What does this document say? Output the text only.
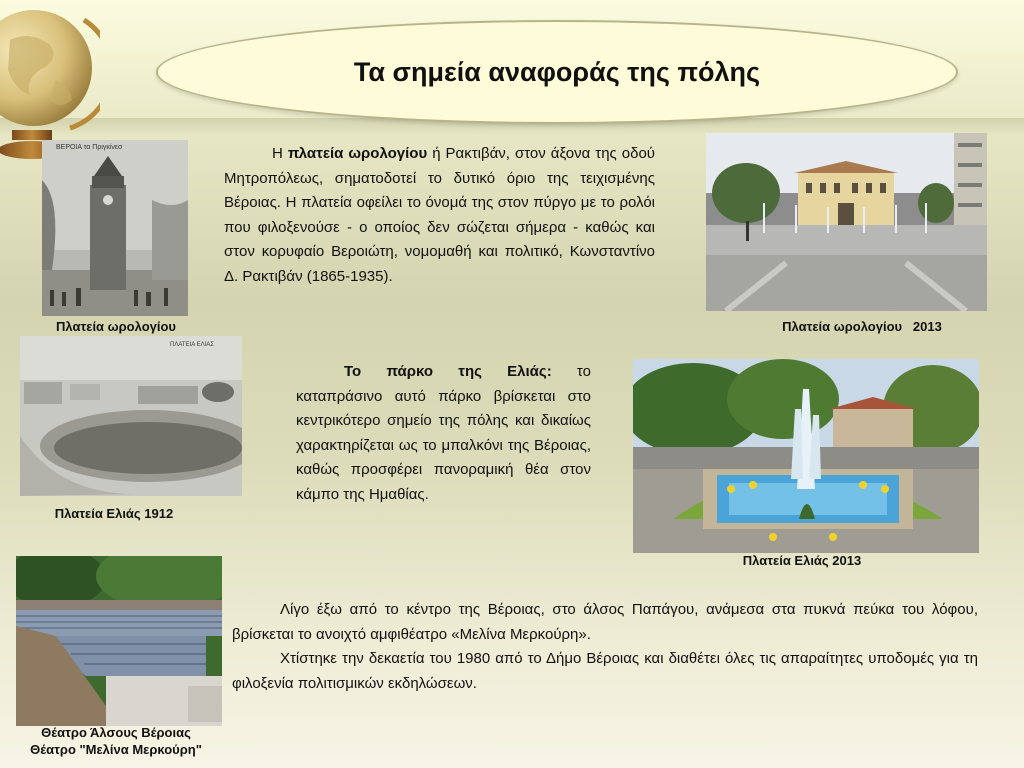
Τα σημεία αναφοράς της πόλης
ΒΕΡΟΙΑ τα Πριγκίνεσ
Πλατεία ωρολογίου

Η πλατεία ωρολογίου ή Ρακτιβάν, στον άξονα της οδού Μητροπόλεως, σηματοδοτεί το δυτικό όριο της τειχισμένης Βέροιας. Η πλατεία οφείλει το όνομά της στον πύργο με το ρολόι που φιλοξενούσε - ο οποίος δεν σώζεται σήμερα - καθώς και στον κορυφαίο Βεροιώτη, νομομαθή και πολιτικό, Κωνσταντίνο Δ. Ρακτιβάν (1865-1935).

Πλατεία ωρολογίου   2013
ΠΛΑΤΕΙΑ ΕΛΙΑΣ
Πλατεία Ελιάς 1912

Το πάρκο της Ελιάς: το καταπράσινο αυτό πάρκο βρίσκεται στο κεντρικότερο σημείο της πόλης και δικαίως χαρακτηρίζεται ως το μπαλκόνι της Βέροιας, καθώς προσφέρει πανοραμική θέα στον κάμπο της Ημαθίας.

Πλατεία Ελιάς 2013
Θέατρο Άλσους Βέροιας
Θέατρο "Μελίνα Μερκούρη"

Λίγο έξω από το κέντρο της Βέροιας, στο άλσος Παπάγου, ανάμεσα στα πυκνά πεύκα του λόφου, βρίσκεται το ανοιχτό αμφιθέατρο «Μελίνα Μερκούρη».

Χτίστηκε την δεκαετία του 1980 από το Δήμο Βέροιας και διαθέτει όλες τις απαραίτητες υποδομές για τη φιλοξενία πολιτισμικών εκδηλώσεων.
